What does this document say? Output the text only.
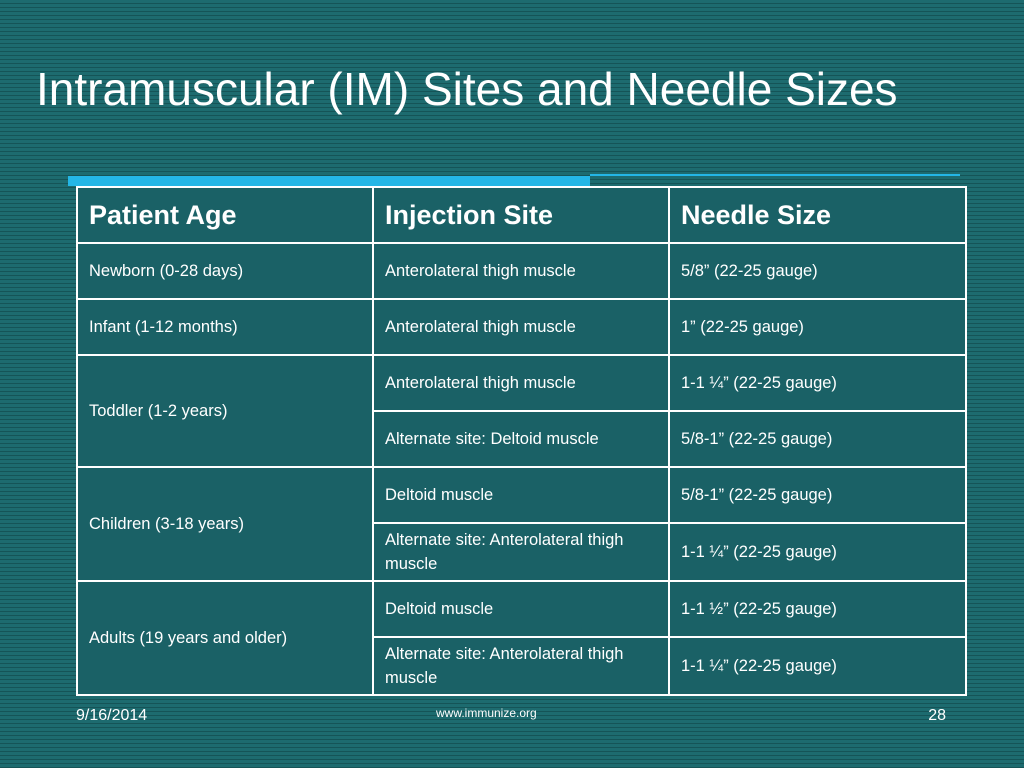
Intramuscular (IM) Sites and Needle Sizes
Patient Age	Injection Site	Needle Size
Newborn (0-28 days)	Anterolateral thigh muscle	5/8” (22-25 gauge)
Infant (1-12 months)	Anterolateral thigh muscle	1” (22-25 gauge)
Toddler (1-2 years)	Anterolateral thigh muscle	1-1 ¼” (22-25 gauge)
	Alternate site: Deltoid muscle	5/8-1” (22-25 gauge)
Children (3-18 years)	Deltoid muscle	5/8-1” (22-25 gauge)
	Alternate site: Anterolateral thigh muscle	1-1 ¼” (22-25 gauge)
Adults (19 years and older)	Deltoid muscle	1-1 ½” (22-25 gauge)
	Alternate site: Anterolateral thigh muscle	1-1 ¼” (22-25 gauge)
9/16/2014	www.immunize.org	28
